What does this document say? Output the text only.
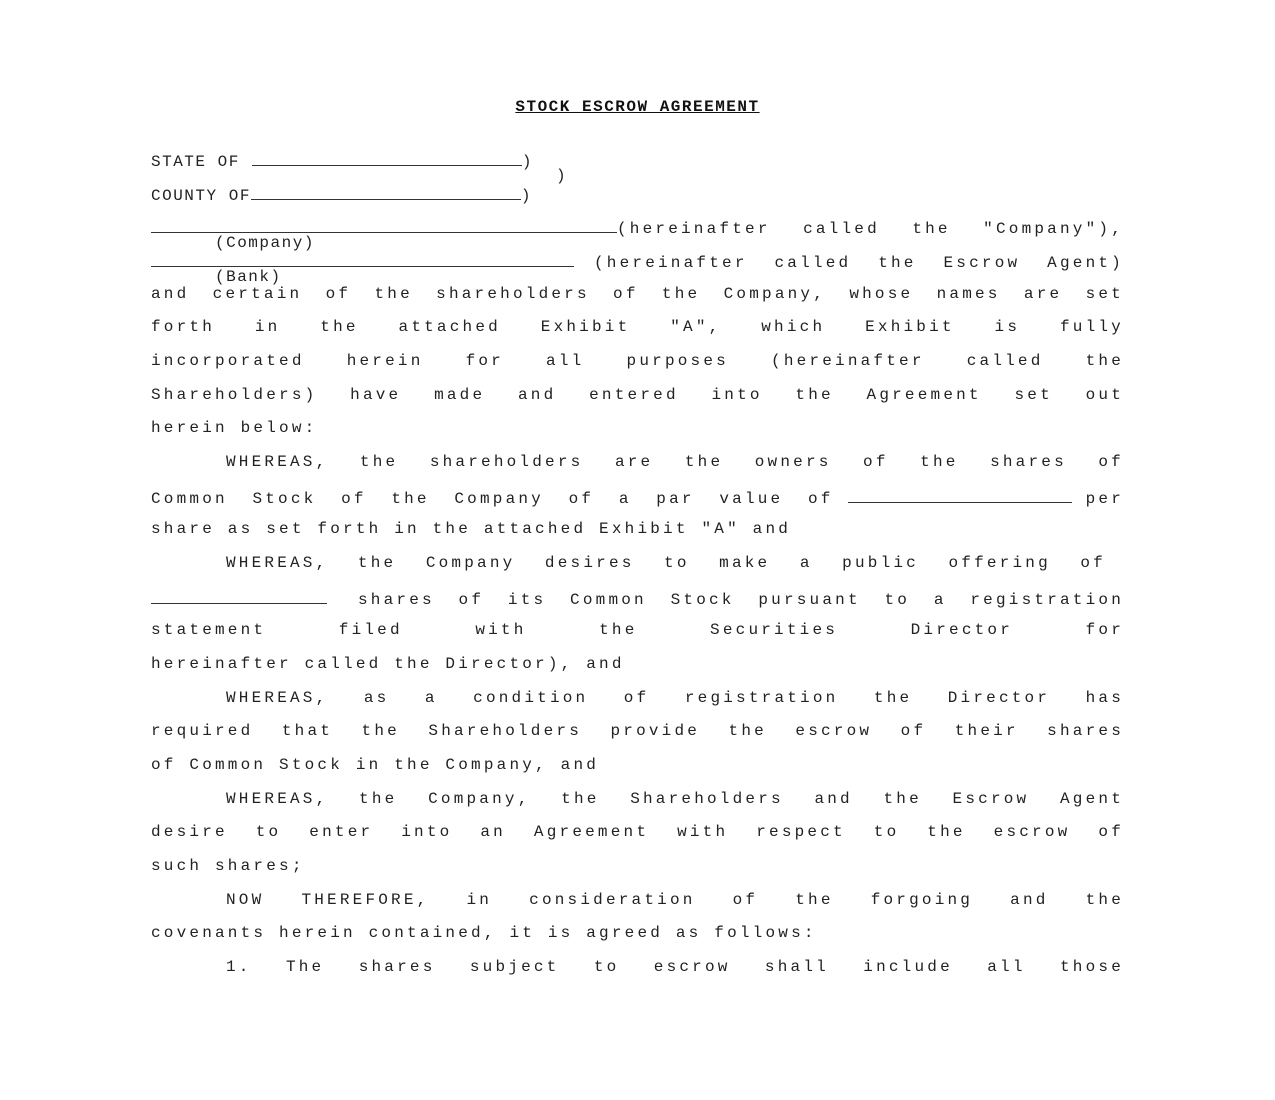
STOCK ESCROW AGREEMENT
STATE OF	)
)
COUNTY OF	)
(hereinafter called the "Company"),
(Company)
(hereinafter called the Escrow Agent)
(Bank)
and certain of the shareholders of the Company, whose names are set
forth in the attached Exhibit "A", which Exhibit is fully
incorporated herein for all purposes (hereinafter called the
Shareholders) have made and entered into the Agreement set out
herein below:
WHEREAS, the shareholders are the owners of the shares of
Common Stock of the Company of a par value of	per
share as set forth in the attached Exhibit "A" and
WHEREAS, the Company desires to make a public offering of
shares of its Common Stock pursuant to a registration
statement filed with the Securities Director for
hereinafter called the Director), and
WHEREAS, as a condition of registration the Director has
required that the Shareholders provide the escrow of their shares
of Common Stock in the Company, and
WHEREAS, the Company, the Shareholders and the Escrow Agent
desire to enter into an Agreement with respect to the escrow of
such shares;
NOW THEREFORE, in consideration of the forgoing and the
covenants herein contained, it is agreed as follows:
1. The shares subject to escrow shall include all those
